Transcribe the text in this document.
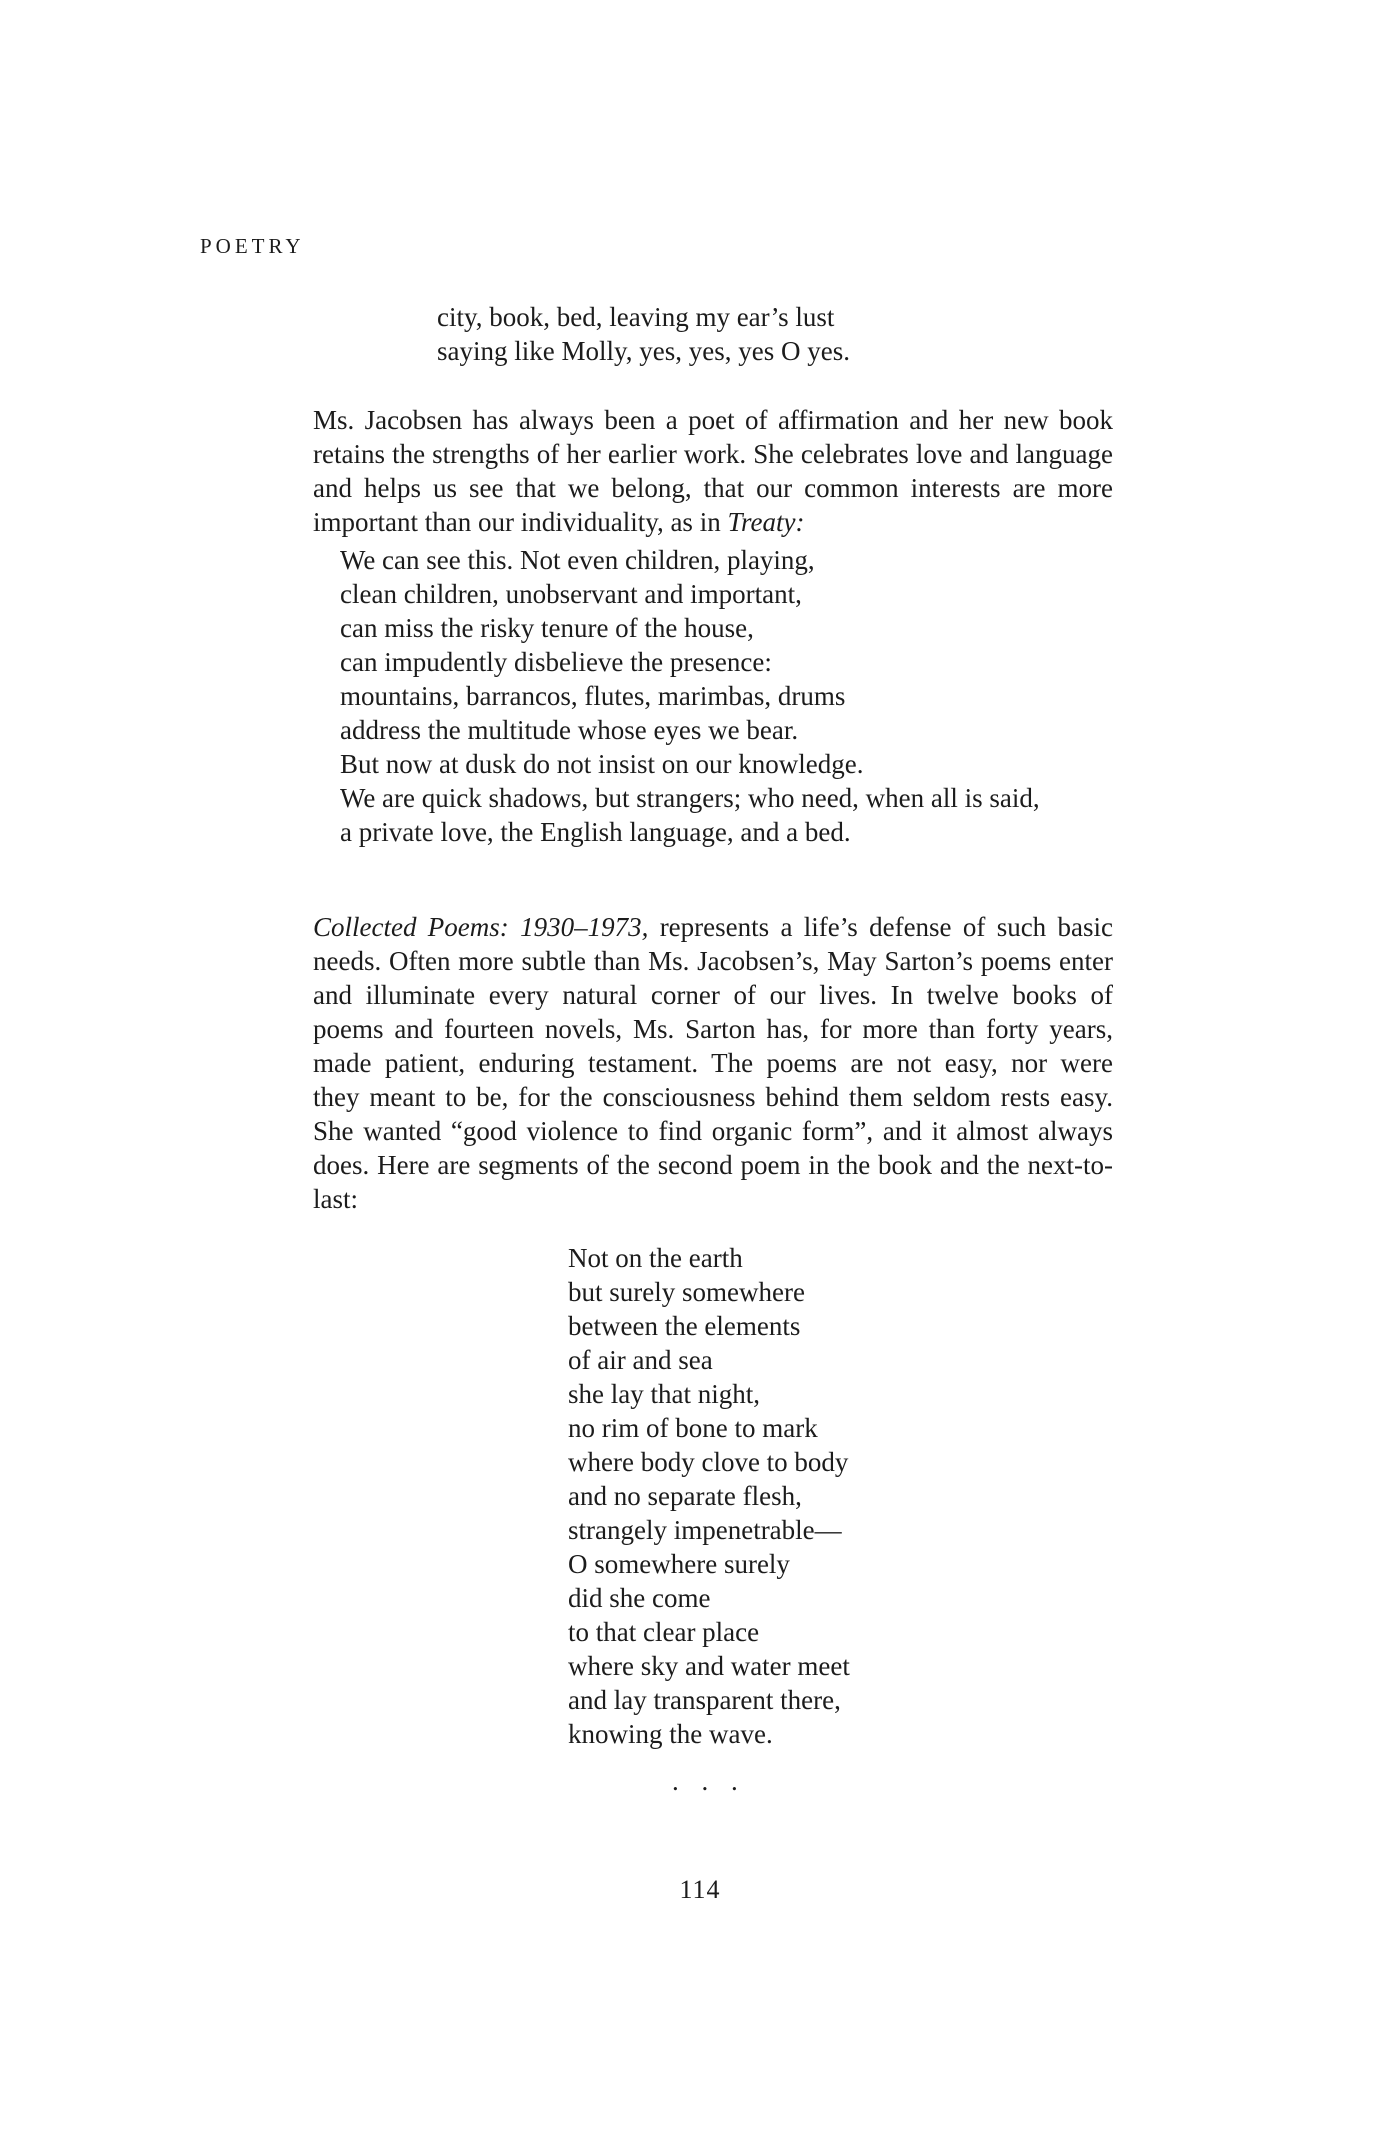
POETRY
city, book, bed, leaving my ear’s lust
saying like Molly, yes, yes, yes O yes.
Ms. Jacobsen has always been a poet of affirmation and her new book
retains the strengths of her earlier work. She celebrates love and language
and helps us see that we belong, that our common interests are more
important than our individuality, as in Treaty:
We can see this. Not even children, playing,
clean children, unobservant and important,
can miss the risky tenure of the house,
can impudently disbelieve the presence:
mountains, barrancos, flutes, marimbas, drums
address the multitude whose eyes we bear.
But now at dusk do not insist on our knowledge.
We are quick shadows, but strangers; who need, when all is said,
a private love, the English language, and a bed.
Collected Poems: 1930–1973, represents a life’s defense of such basic
needs. Often more subtle than Ms. Jacobsen’s, May Sarton’s poems enter
and illuminate every natural corner of our lives. In twelve books of
poems and fourteen novels, Ms. Sarton has, for more than forty years,
made patient, enduring testament. The poems are not easy, nor were
they meant to be, for the consciousness behind them seldom rests easy.
She wanted “good violence to find organic form”, and it almost always
does. Here are segments of the second poem in the book and the next-to-
last:
Not on the earth
but surely somewhere
between the elements
of air and sea
she lay that night,
no rim of bone to mark
where body clove to body
and no separate flesh,
strangely impenetrable—
O somewhere surely
did she come
to that clear place
where sky and water meet
and lay transparent there,
knowing the wave.
. . .
114
